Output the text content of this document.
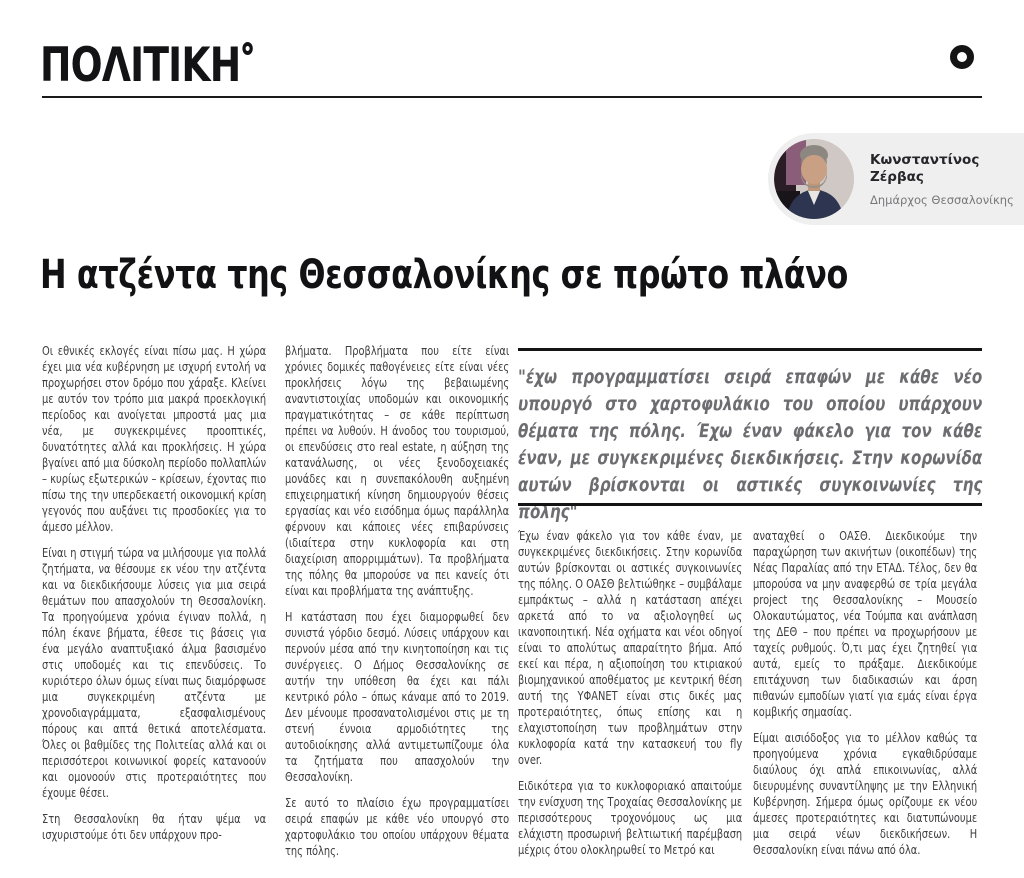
ΠΟΛΙΤΙΚΗ
Κωνσταντίνος Ζέρβας
Δημάρχος Θεσσαλονίκης
Η ατζέντα της Θεσσαλονίκης σε πρώτο πλάνο
"έχω προγραμματίσει σειρά επαφών με κάθε νέο υπουργό στο χαρτοφυλάκιο του οποίου υπάρχουν θέματα της πόλης. Έχω έναν φάκελο για τον κάθε έναν, με συγκεκριμένες διεκδικήσεις. Στην κορωνίδα αυτών βρίσκονται οι αστικές συγκοινωνίες της πόλης"

Οι εθνικές εκλογές είναι πίσω μας. Η χώρα έχει μια νέα κυβέρνηση με ισχυρή εντολή να προχωρήσει στον δρόμο που χάραξε. Κλείνει με αυτόν τον τρόπο μια μακρά προεκλογική περίοδος και ανοίγεται μπροστά μας μια νέα, με συγκεκριμένες προοπτικές, δυνατότητες αλλά και προκλήσεις. Η χώρα βγαίνει από μια δύσκολη περίοδο πολλαπλών – κυρίως εξωτερικών – κρίσεων, έχοντας πιο πίσω της την υπερδεκαετή οικονομική κρίση γεγονός που αυξάνει τις προσδοκίες για το άμεσο μέλλον.

Είναι η στιγμή τώρα να μιλήσουμε για πολλά ζητήματα, να θέσουμε εκ νέου την ατζέντα και να διεκδικήσουμε λύσεις για μια σειρά θεμάτων που απασχολούν τη Θεσσαλονίκη. Τα προηγούμενα χρόνια έγιναν πολλά, η πόλη έκανε βήματα, έθεσε τις βάσεις για ένα μεγάλο αναπτυξιακό άλμα βασισμένο στις υποδομές και τις επενδύσεις. Το κυριότερο όλων όμως είναι πως διαμόρφωσε μια συγκεκριμένη ατζέντα με χρονοδιαγράμματα, εξασφαλισμένους πόρους και απτά θετικά αποτελέσματα. Όλες οι βαθμίδες της Πολιτείας αλλά και οι περισσότεροι κοινωνικοί φορείς κατανοούν και ομονοούν στις προτεραιότητες που έχουμε θέσει.

Στη Θεσσαλονίκη θα ήταν ψέμα να ισχυριστούμε ότι δεν υπάρχουν προ-

βλήματα. Προβλήματα που είτε είναι χρόνιες δομικές παθογένειες είτε είναι νέες προκλήσεις λόγω της βεβαιωμένης αναντιστοιχίας υποδομών και οικονομικής πραγματικότητας – σε κάθε περίπτωση πρέπει να λυθούν. Η άνοδος του τουρισμού, οι επενδύσεις στο real estate, η αύξηση της κατανάλωσης, οι νέες ξενοδοχειακές μονάδες και η συνεπακόλουθη αυξημένη επιχειρηματική κίνηση δημιουργούν θέσεις εργασίας και νέο εισόδημα όμως παράλληλα φέρνουν και κάποιες νέες επιβαρύνσεις (ιδιαίτερα στην κυκλοφορία και στη διαχείριση απορριμμάτων). Τα προβλήματα της πόλης θα μπορούσε να πει κανείς ότι είναι και προβλήματα της ανάπτυξης.

Η κατάσταση που έχει διαμορφωθεί δεν συνιστά γόρδιο δεσμό. Λύσεις υπάρχουν και περνούν μέσα από την κινητοποίηση και τις συνέργειες. Ο Δήμος Θεσσαλονίκης σε αυτήν την υπόθεση θα έχει και πάλι κεντρικό ρόλο – όπως κάναμε από το 2019. Δεν μένουμε προσανατολισμένοι στις με τη στενή έννοια αρμοδιότητες της αυτοδιοίκησης αλλά αντιμετωπίζουμε όλα τα ζητήματα που απασχολούν την Θεσσαλονίκη.

Σε αυτό το πλαίσιο έχω προγραμματίσει σειρά επαφών με κάθε νέο υπουργό στο χαρτοφυλάκιο του οποίου υπάρχουν θέματα της πόλης.

Έχω έναν φάκελο για τον κάθε έναν, με συγκεκριμένες διεκδικήσεις. Στην κορωνίδα αυτών βρίσκονται οι αστικές συγκοινωνίες της πόλης. Ο ΟΑΣΘ βελτιώθηκε – συμβάλαμε εμπράκτως – αλλά η κατάσταση απέχει αρκετά από το να αξιολογηθεί ως ικανοποιητική. Νέα οχήματα και νέοι οδηγοί είναι το απολύτως απαραίτητο βήμα. Από εκεί και πέρα, η αξιοποίηση του κτιριακού βιομηχανικού αποθέματος με κεντρική θέση αυτή της ΥΦΑΝΕΤ είναι στις δικές μας προτεραιότητες, όπως επίσης και η ελαχιστοποίηση των προβλημάτων στην κυκλοφορία κατά την κατασκευή του fly over.

Ειδικότερα για το κυκλοφοριακό απαιτούμε την ενίσχυση της Τροχαίας Θεσσαλονίκης με περισσότερους τροχονόμους ως μια ελάχιστη προσωρινή βελτιωτική παρέμβαση μέχρις ότου ολοκληρωθεί το Μετρό και

αναταχθεί ο ΟΑΣΘ. Διεκδικούμε την παραχώρηση των ακινήτων (οικοπέδων) της Νέας Παραλίας από την ΕΤΑΔ. Τέλος, δεν θα μπορούσα να μην αναφερθώ σε τρία μεγάλα project της Θεσσαλονίκης – Μουσείο Ολοκαυτώματος, νέα Τούμπα και ανάπλαση της ΔΕΘ – που πρέπει να προχωρήσουν με ταχείς ρυθμούς. Ό,τι μας έχει ζητηθεί για αυτά, εμείς το πράξαμε. Διεκδικούμε επιτάχυνση των διαδικασιών και άρση πιθανών εμποδίων γιατί για εμάς είναι έργα κομβικής σημασίας.

Είμαι αισιόδοξος για το μέλλον καθώς τα προηγούμενα χρόνια εγκαθιδρύσαμε διαύλους όχι απλά επικοινωνίας, αλλά διευρυμένης συναντίληψης με την Ελληνική Κυβέρνηση. Σήμερα όμως ορίζουμε εκ νέου άμεσες προτεραιότητες και διατυπώνουμε μια σειρά νέων διεκδικήσεων. Η Θεσσαλονίκη είναι πάνω από όλα.
